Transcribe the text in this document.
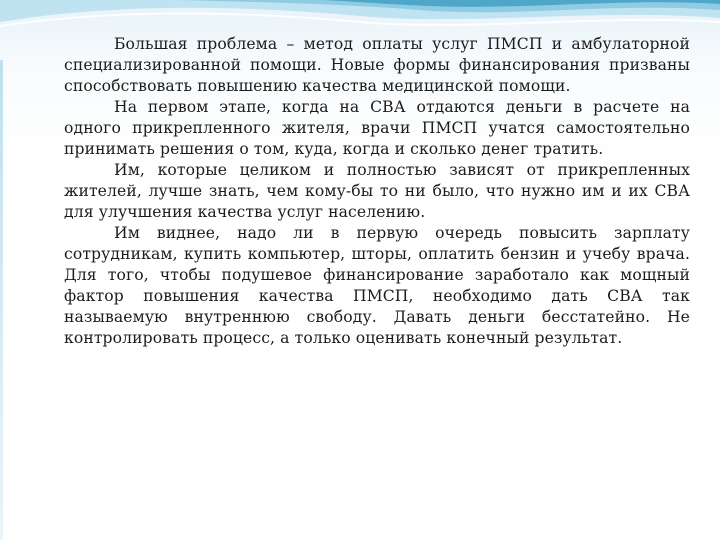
Большая проблема – метод оплаты услуг ПМСП и амбулаторной специализированной помощи. Новые формы финансирования призваны способствовать повышению качества медицинской помощи.

На первом этапе, когда на СВА отдаются деньги в расчете на одного прикрепленного жителя, врачи ПМСП учатся самостоятельно принимать решения о том, куда, когда и сколько денег тратить.

Им, которые целиком и полностью зависят от прикрепленных жителей, лучше знать, чем кому-бы то ни было, что нужно им и их СВА для улучшения качества услуг населению.

Им виднее, надо ли в первую очередь повысить зарплату сотрудникам, купить компьютер, шторы, оплатить бензин и учебу врача. Для того, чтобы подушевое финансирование заработало как мощный фактор повышения качества ПМСП, необходимо дать СВА так называемую внутреннюю свободу. Давать деньги бесстатейно. Не контролировать процесс, а только оценивать конечный результат.
